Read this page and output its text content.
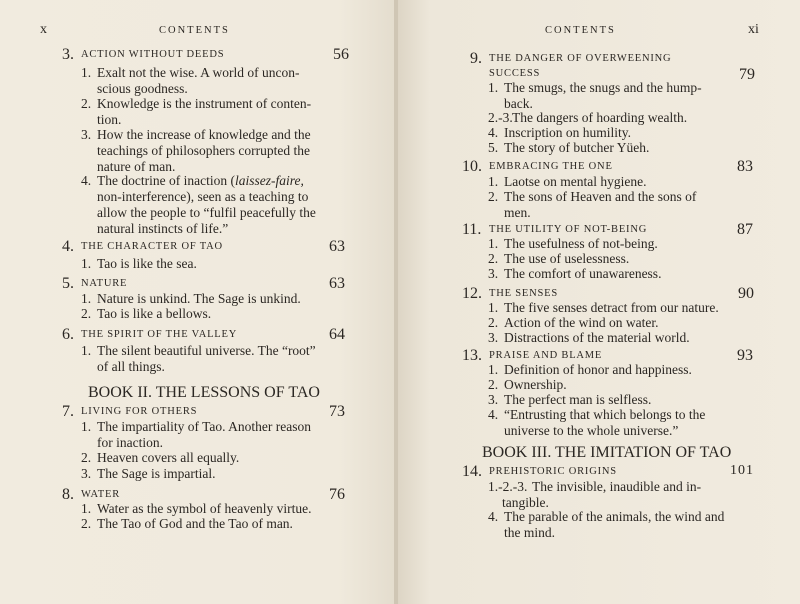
x	CONTENTS
3. ACTION WITHOUT DEEDS	56
1. Exalt not the wise. A world of uncon-
scious goodness.
2. Knowledge is the instrument of conten-
tion.
3. How the increase of knowledge and the
teachings of philosophers corrupted the
nature of man.
4. The doctrine of inaction (laissez-faire,
non-interference), seen as a teaching to
allow the people to “fulfil peacefully the
natural instincts of life.”
4. THE CHARACTER OF TAO	63
1. Tao is like the sea.
5. NATURE	63
1. Nature is unkind. The Sage is unkind.
2. Tao is like a bellows.
6. THE SPIRIT OF THE VALLEY	64
1. The silent beautiful universe. The “root”
of all things.
BOOK II. THE LESSONS OF TAO
7. LIVING FOR OTHERS	73
1. The impartiality of Tao. Another reason
for inaction.
2. Heaven covers all equally.
3. The Sage is impartial.
8. WATER	76
1. Water as the symbol of heavenly virtue.
2. The Tao of God and the Tao of man.
CONTENTS	xi
9. THE DANGER OF OVERWEENING
SUCCESS	79
1. The smugs, the snugs and the hump-
back.
2.-3. The dangers of hoarding wealth.
4. Inscription on humility.
5. The story of butcher Yüeh.
10. EMBRACING THE ONE	83
1. Laotse on mental hygiene.
2. The sons of Heaven and the sons of
men.
11. THE UTILITY OF NOT-BEING	87
1. The usefulness of not-being.
2. The use of uselessness.
3. The comfort of unawareness.
12. THE SENSES	90
1. The five senses detract from our nature.
2. Action of the wind on water.
3. Distractions of the material world.
13. PRAISE AND BLAME	93
1. Definition of honor and happiness.
2. Ownership.
3. The perfect man is selfless.
4. “Entrusting that which belongs to the
universe to the whole universe.”
BOOK III. THE IMITATION OF TAO
14. PREHISTORIC ORIGINS	101
1.-2.-3. The invisible, inaudible and in-
tangible.
4. The parable of the animals, the wind and
the mind.
